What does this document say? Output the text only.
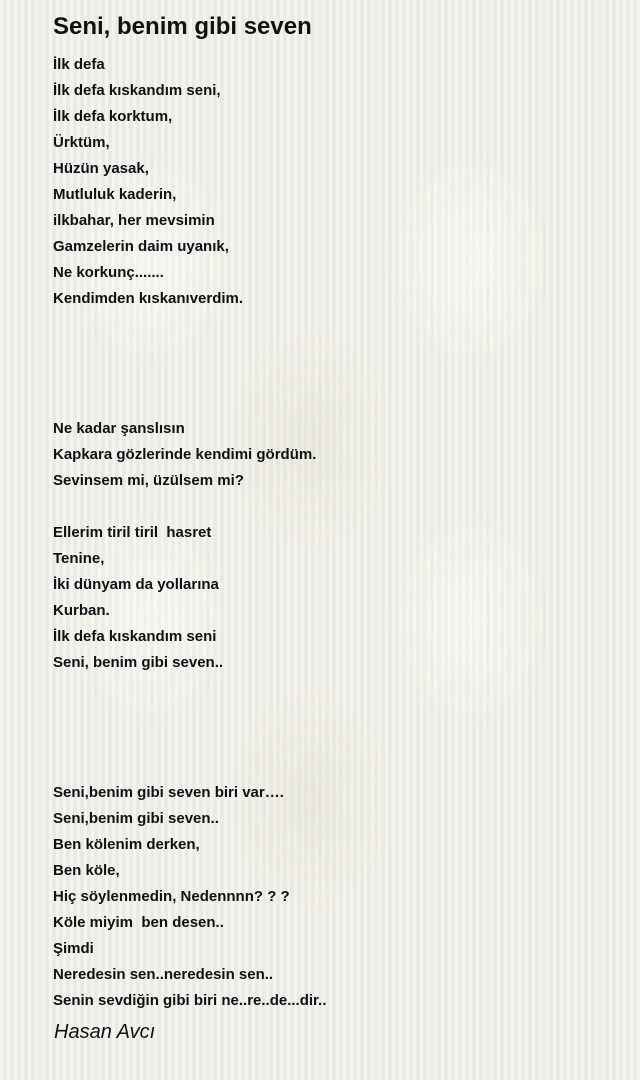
Seni, benim gibi seven
İlk defa
İlk defa kıskandım seni,
İlk defa korktum,
Ürktüm,
Hüzün yasak,
Mutluluk kaderin,
ilkbahar, her mevsimin
Gamzelerin daim uyanık,
Ne korkunç.......
Kendimden kıskanıverdim.
Ne kadar şanslısın
Kapkara gözlerinde kendimi gördüm.
Sevinsem mi, üzülsem mi?
Ellerim tiril tiril  hasret
Tenine,
İki dünyam da yollarına
Kurban.
İlk defa kıskandım seni
Seni, benim gibi seven..
Seni,benim gibi seven biri var….
Seni,benim gibi seven..
Ben kölenim derken,
Ben köle,
Hiç söylenmedin, Nedennnn? ? ?
Köle miyim  ben desen..
Şimdi
Neredesin sen..neredesin sen..
Senin sevdiğin gibi biri ne..re..de...dir..
Hasan Avcı
